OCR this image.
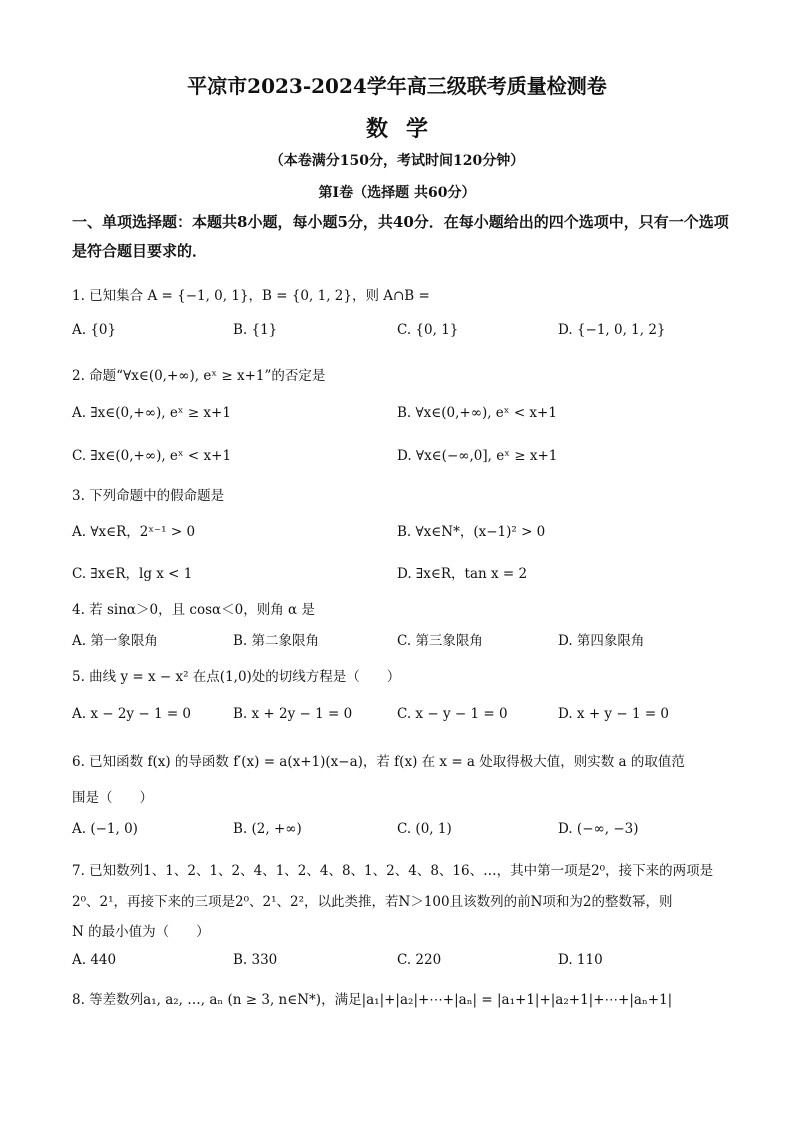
平凉市2023-2024学年高三级联考质量检测卷
数学
（本卷满分150分，考试时间120分钟）
第I卷（选择题 共60分）
一、单项选择题：本题共8小题，每小题5分，共40分．在每小题给出的四个选项中，只有一个选项是符合题目要求的．
1. 已知集合 A = {−1, 0, 1}，B = {0, 1, 2}，则 A∩B =
A. {0}	B. {1}	C. {0, 1}	D. {−1, 0, 1, 2}
2. 命题“∀x∈(0,+∞), eˣ ≥ x+1”的否定是
A. ∃x∈(0,+∞), eˣ ≥ x+1	B. ∀x∈(0,+∞), eˣ < x+1
C. ∃x∈(0,+∞), eˣ < x+1	D. ∀x∈(−∞,0], eˣ ≥ x+1
3. 下列命题中的假命题是
A. ∀x∈R，2ˣ⁻¹ > 0	B. ∀x∈N*，(x−1)² > 0
C. ∃x∈R，lg x < 1	D. ∃x∈R，tan x = 2
4. 若 sinα＞0，且 cosα＜0，则角 α 是
A. 第一象限角	B. 第二象限角	C. 第三象限角	D. 第四象限角
5. 曲线 y = x − x² 在点(1,0)处的切线方程是（　　）
A. x − 2y − 1 = 0	B. x + 2y − 1 = 0	C. x − y − 1 = 0	D. x + y − 1 = 0
6. 已知函数 f(x) 的导函数 f′(x) = a(x+1)(x−a)，若 f(x) 在 x = a 处取得极大值，则实数 a 的取值范
围是（　　）
A. (−1, 0)	B. (2, +∞)	C. (0, 1)	D. (−∞, −3)
7. 已知数列1、1、2、1、2、4、1、2、4、8、1、2、4、8、16、…，其中第一项是2⁰，接下来的两项是
2⁰、2¹，再接下来的三项是2⁰、2¹、2²，以此类推，若N＞100且该数列的前N项和为2的整数幂，则
N 的最小值为（　　）
A. 440	B. 330	C. 220	D. 110
8. 等差数列a₁, a₂, …, aₙ (n ≥ 3, n∈N*)，满足|a₁|+|a₂|+⋯+|aₙ| = |a₁+1|+|a₂+1|+⋯+|aₙ+1|
